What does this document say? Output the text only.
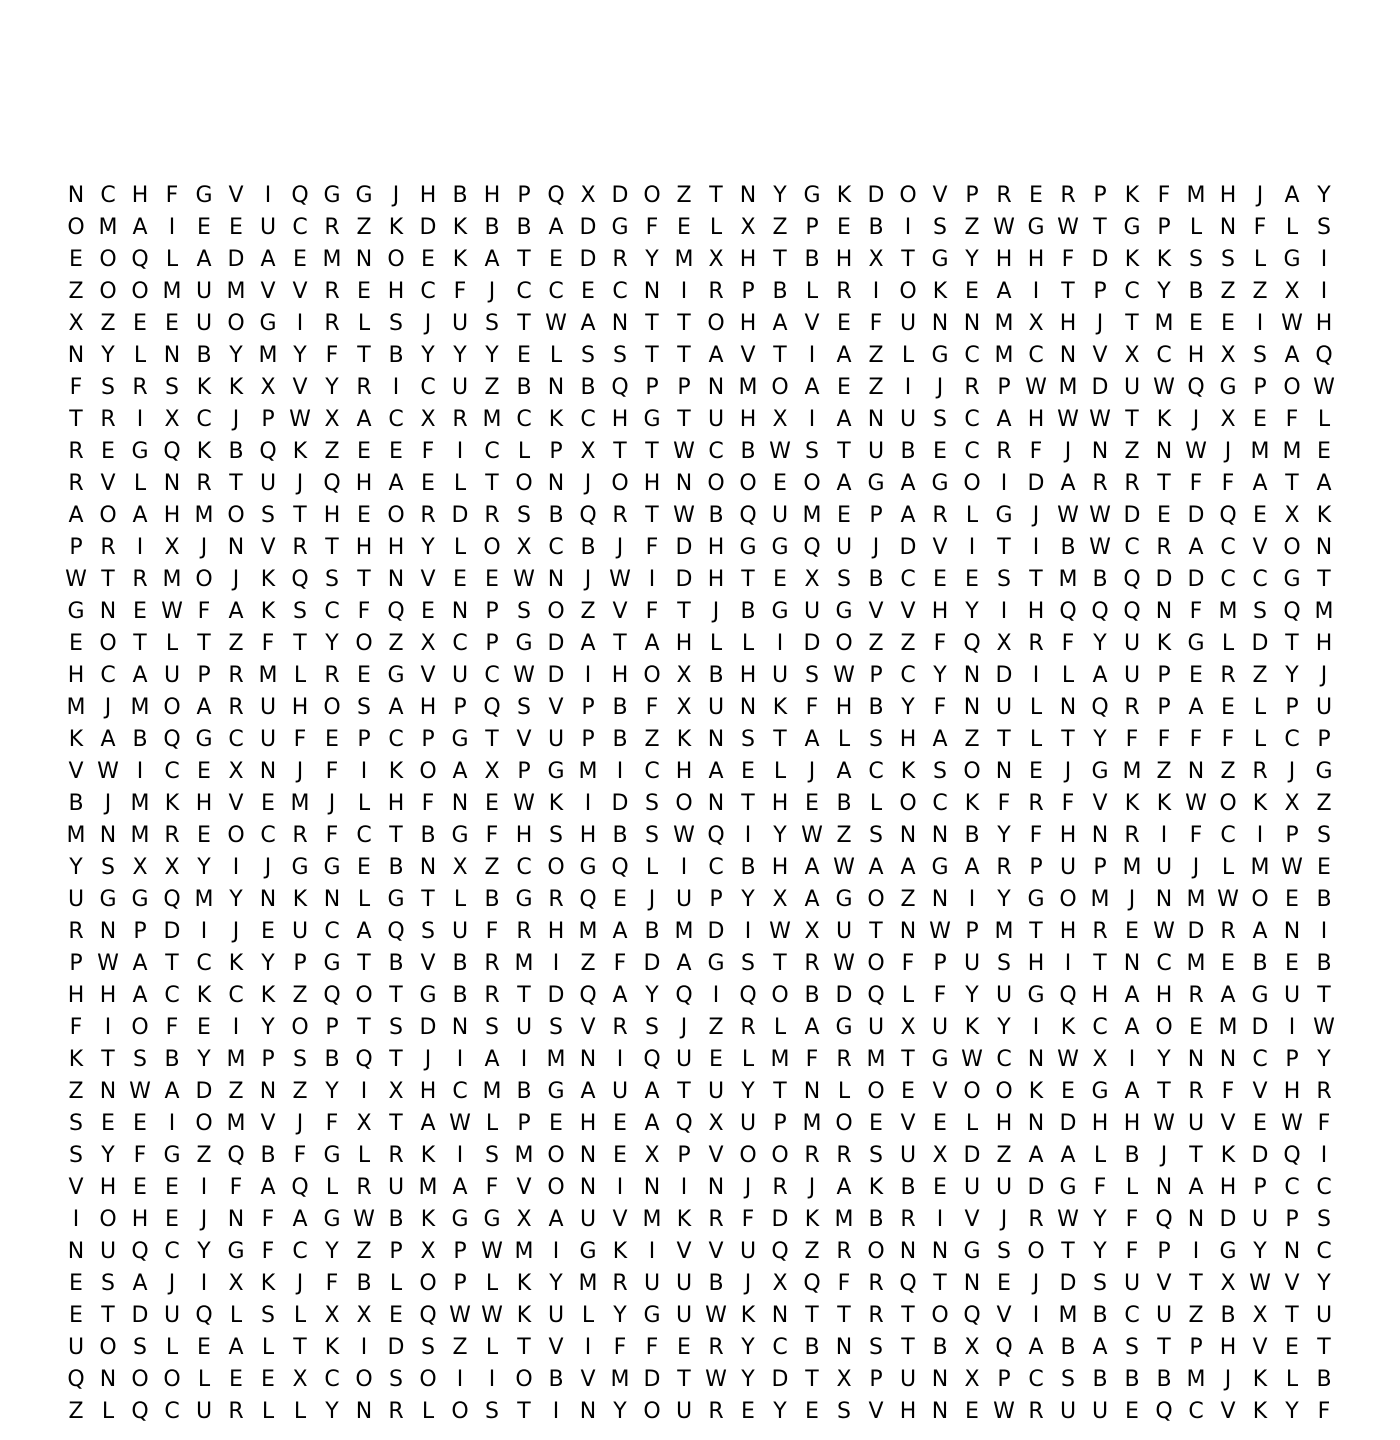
N C H F G V I Q G G J H B H P Q X D O Z T N Y G K D O V P R E R P K F M H J A Y
O M A I E E U C R Z K D K B B A D G F E L X Z P E B I S Z W G W T G P L N F L S
E O Q L A D A E M N O E K A T E D R Y M X H T B H X T G Y H H F D K K S S L G I
Z O O M U M V V R E H C F	J C C E C N I R P B L R I O K E A I	T P C Y B Z Z X I
X Z E E U O G I R L S J U S T W A N T T O H A V E F U N N M X H J	T M E E I W H
N Y L N B Y M Y F T B Y Y Y E L S S T T A V T	I A Z L G C M C N V X C H X S A Q
F S R S K K X V Y R I C U Z B N B Q P P N M O A E Z I	J R P W M D U W Q G P O W
T R I X C J	P W X A C X R M C K C H G T U H X I A N U S C A H W W T K J X E F L
R E G Q K B Q K Z E E F	I C L P X T T W C B W S T U B E C R F	J N Z N W J M M E
R V L N R T U J Q H A E L T O N J O H N O O E O A G A G O I D A R R T F F A T A
A O A H M O S T H E O R D R S B Q R T W B Q U M E P A R L G J W W D E D Q E X K
P R I X J N V R T H H Y L O X C B J	F D H G G Q U J D V I	T	I B W C R A C V O N
W T R M O J K Q S T N V E E W N J W I D H T E X S B C E E S T M B Q D D C C G T
G N E W F A K S C F Q E N P S O Z V F T	J B G U G V V H Y	I H Q Q Q N F M S Q M
E O T L T Z F T Y O Z X C P G D A T A H L L	I D O Z Z F Q X R F Y U K G L D T H
H C A U P R M L R E G V U C W D I H O X B H U S W P C Y N D I	L A U P E R Z Y	J
M J M O A R U H O S A H P Q S V P B F X U N K F H B Y F N U L N Q R P A E L P U
K A B Q G C U F E P C P G T V U P B Z K N S T A L S H A Z T L T Y F F F F L C P
V W I C E X N J	F	I K O A X P G M I C H A E L	J A C K S O N E J G M Z N Z R J G
B J M K H V E M J	L H F N E W K I D S O N T H E B L O C K F R F V K K W O K X Z
M N M R E O C R F C T B G F H S H B S W Q I	Y W Z S N N B Y F H N R I	F C I	P S
Y S X X Y	I	J G G E B N X Z C O G Q L	I C B H A W A A G A R P U P M U J	L M W E
U G G Q M Y N K N L G T L B G R Q E J U P Y X A G O Z N I	Y G O M J N M W O E B
R N P D I	J E U C A Q S U F R H M A B M D I W X U T N W P M T H R E W D R A N I
P W A T C K Y P G T B V B R M I Z F D A G S T R W O F P U S H I	T N C M E B E B
H H A C K C K Z Q O T G B R T D Q A Y Q I Q O B D Q L F Y U G Q H A H R A G U T
F	I O F E I	Y O P T S D N S U S V R S J Z R L A G U X U K Y	I K C A O E M D I W
K T S B Y M P S B Q T	J	I A I M N I Q U E L M F R M T G W C N W X I	Y N N C P Y
Z N W A D Z N Z Y	I X H C M B G A U A T U Y T N L O E V O O K E G A T R F V H R
S E E I O M V J	F X T A W L P E H E A Q X U P M O E V E L H N D H H W U V E W F
S Y F G Z Q B F G L R K I S M O N E X P V O O R R S U X D Z A A L B J	T K D Q I
V H E E I	F A Q L R U M A F V O N I N I N J R J A K B E U U D G F L N A H P C C
I O H E J N F A G W B K G G X A U V M K R F D K M B R I V J R W Y F Q N D U P S
N U Q C Y G F C Y Z P X P W M I G K I V V U Q Z R O N N G S O T Y F P	I G Y N C
E S A J	I X K J	F B L O P L K Y M R U U B J X Q F R Q T N E J D S U V T X W V Y
E T D U Q L S L X X E Q W W K U L Y G U W K N T T R T O Q V I M B C U Z B X T U
U O S L E A L T K I D S Z L T V I	F F E R Y C B N S T B X Q A B A S T P H V E T
Q N O O L E E X C O S O I	I O B V M D T W Y D T X P U N X P C S B B B M J K L B
Z L Q C U R L L Y N R L O S T	I N Y O U R E Y E S V H N E W R U U E Q C V K Y F
